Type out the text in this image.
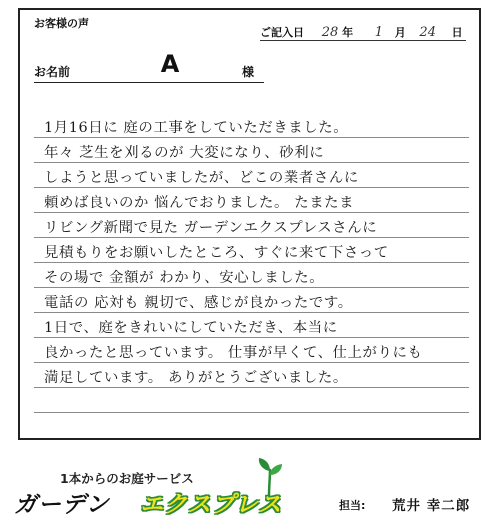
お客様の声
ご記入日 28 年 1 月 24 日
お名前	A	様
1月16日に 庭の工事をしていただきました。
年々 芝生を刈るのが 大変になり、砂利に
しようと思っていましたが、どこの業者さんに
頼めば良いのか 悩んでおりました。 たまたま
リビング新聞で見た ガーデンエクスプレスさんに
見積もりをお願いしたところ、すぐに来て下さって
その場で 金額が わかり、安心しました。
電話の 応対も 親切で、感じが良かったです。
1日で、庭をきれいにしていただき、本当に
良かったと思っています。 仕事が早くて、仕上がりにも
満足しています。 ありがとうございました。
1本からのお庭サービス
ガーデン エクスプレス	担当: 荒井 幸二郎
